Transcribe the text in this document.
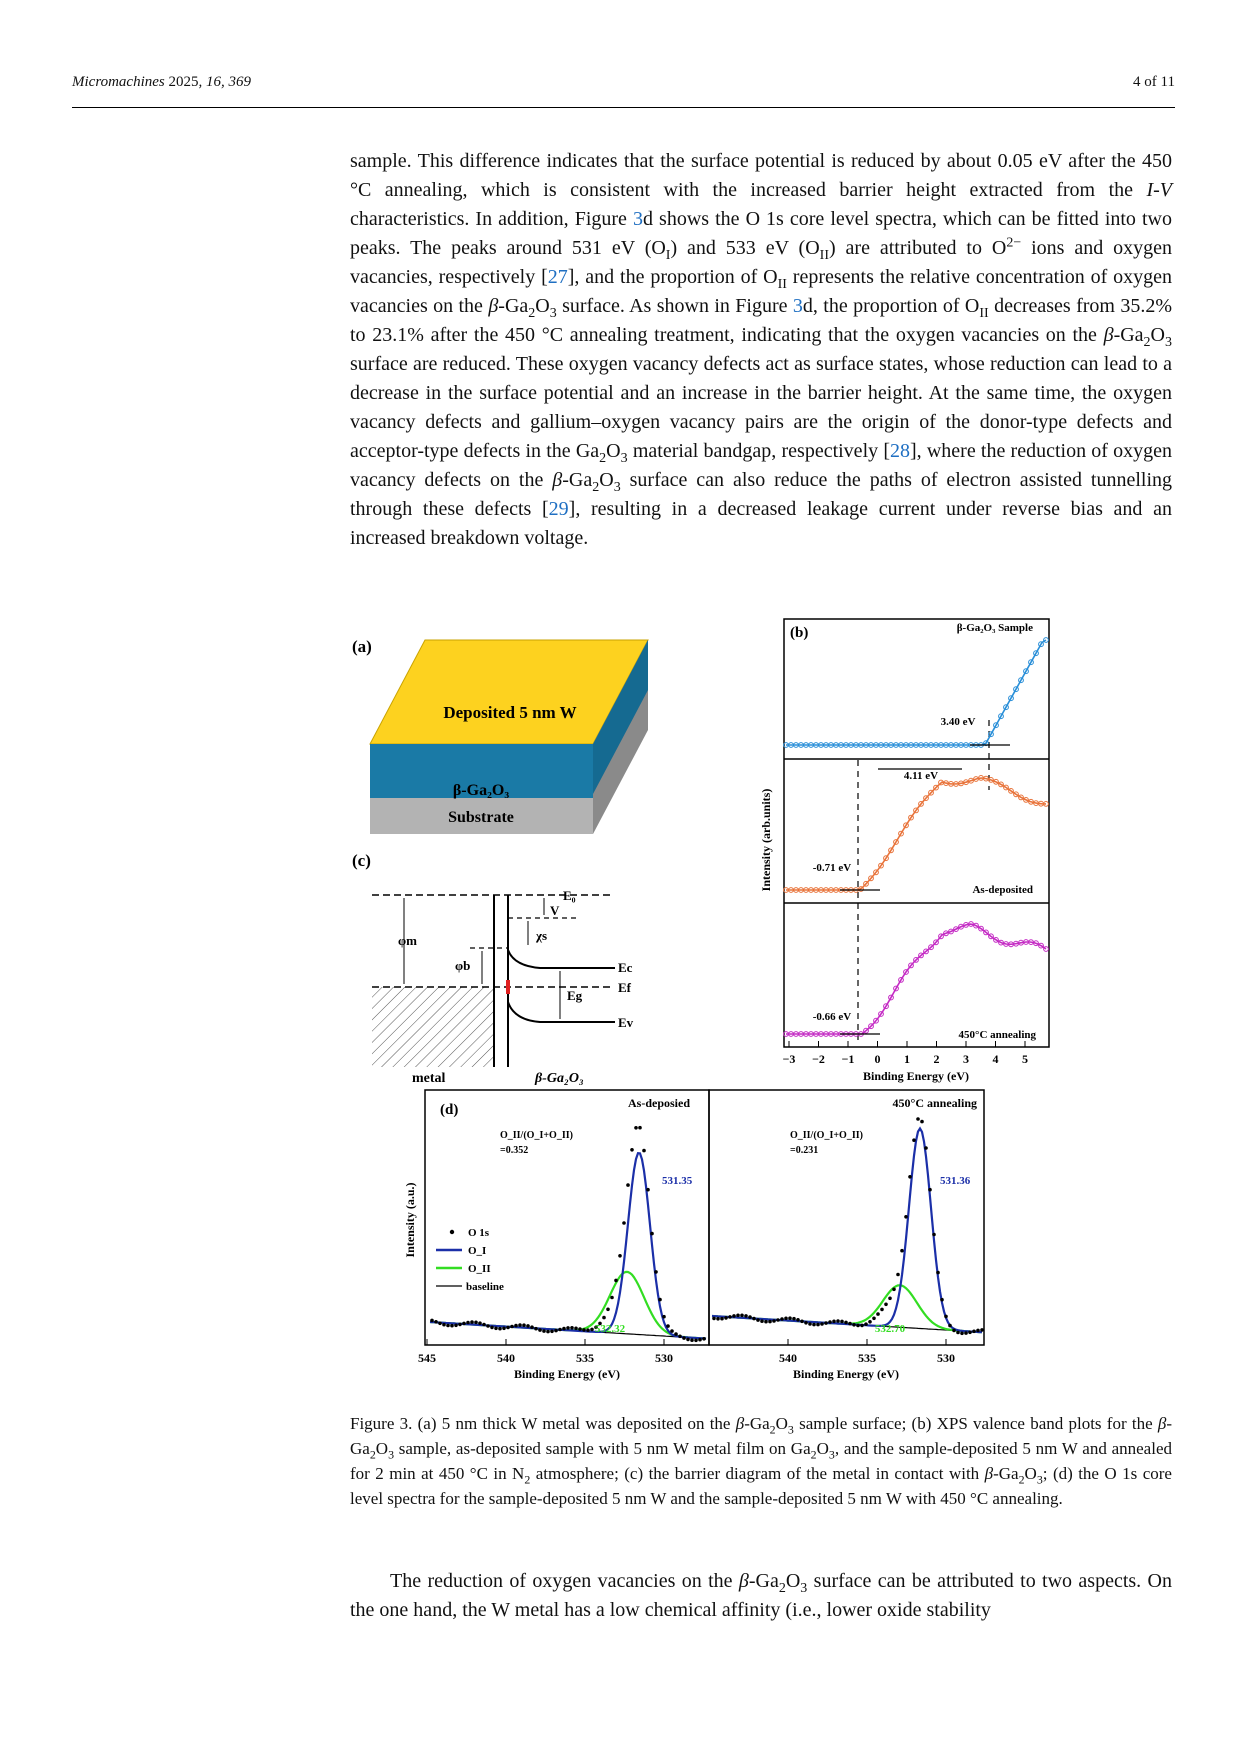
Micromachines 2025, 16, 369	4 of 11
sample. This difference indicates that the surface potential is reduced by about 0.05 eV after the 450 °C annealing, which is consistent with the increased barrier height extracted from the I-V characteristics. In addition, Figure 3d shows the O 1s core level spectra, which can be fitted into two peaks. The peaks around 531 eV $(O_I)$ and 533 eV $(O_{II})$ are attributed to $O^{2-}$ ions and oxygen vacancies, respectively [27], and the proportion of $O_{II}$ represents the relative concentration of oxygen vacancies on the $\beta-Ga_2O_3$ surface. As shown in Figure 3d, the proportion of $O_{II}$ decreases from 35.2% to 23.1% after the 450 °C annealing treatment, indicating that the oxygen vacancies on the $\beta-Ga_2O_3$ surface are reduced. These oxygen vacancy defects act as surface states, whose reduction can lead to a decrease in the surface potential and an increase in the barrier height. At the same time, the oxygen vacancy defects and gallium–oxygen vacancy pairs are the origin of the donor-type defects and acceptor-type defects in the $Ga_2O_3$ material bandgap, respectively [28], where the reduction of oxygen vacancy defects on the $\beta-Ga_2O_3$ surface can also reduce the paths of electron assisted tunnelling through these defects [29], resulting in a decreased leakage current under reverse bias and an increased breakdown voltage.
(a)
Deposited 5 nm W
β-Ga₂O₃
Substrate
(c)
E₀
V
χs
φm
φb	Ec
Ef
Eg
Ev
metal	β-Ga₂O₃
(b)
Intensity (arb.units)
Binding Energy (eV)
−3 −2 −1 0 1 2 3 4 5
4.11 eV
β-Ga₂O₃ Sample
3.40 eV
As-deposited
-0.71 eV
450°C annealing
-0.66 eV
(d)
Intensity (a.u.)
Binding Energy (eV)	Binding Energy (eV)
545	540	540
535	535
530	530
As-deposied	450°C annealing
O_II/(O_I+O_II)
=0.352
O_II/(O_I+O_II)
=0.231
531.35
532.32
531.36
532.70
O 1s
O_I
O_II
baseline
Figure 3. (a) 5 nm thick W metal was deposited on the $\beta-Ga_2O_3$ sample surface; (b) XPS valence band plots for the $\beta-Ga_2O_3$ sample, as-deposited sample with 5 nm W metal film on $Ga_2O_3$, and the sample-deposited 5 nm W and annealed for 2 min at 450 °C in $N_2$ atmosphere; (c) the barrier diagram of the metal in contact with $\beta-Ga_2O_3$; (d) the O 1s core level spectra for the sample-deposited 5 nm W and the sample-deposited 5 nm W with 450 °C annealing.
The reduction of oxygen vacancies on the $\beta-Ga_2O_3$ surface can be attributed to two aspects. On the one hand, the W metal has a low chemical affinity (i.e., lower oxide stability
